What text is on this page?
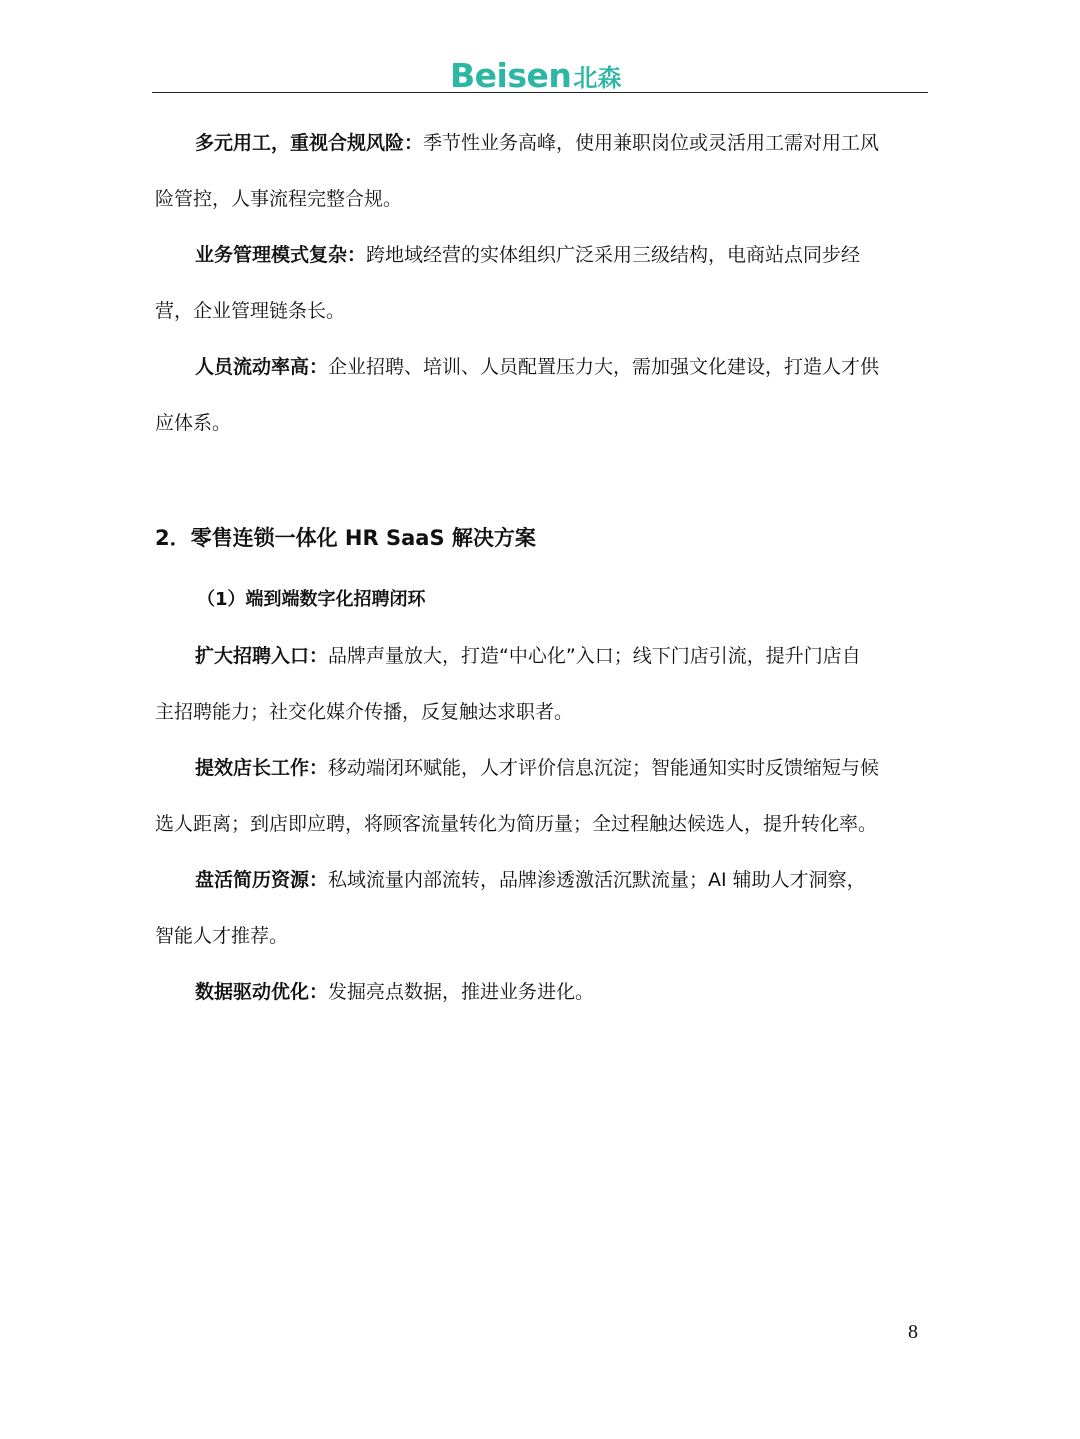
Beisen 北森

多元用工，重视合规风险：季节性业务高峰，使用兼职岗位或灵活用工需对用工风
险管控，人事流程完整合规。

业务管理模式复杂：跨地域经营的实体组织广泛采用三级结构，电商站点同步经
营，企业管理链条长。

人员流动率高：企业招聘、培训、人员配置压力大，需加强文化建设，打造人才供
应体系。

2．零售连锁一体化 HR SaaS 解决方案
（1）端到端数字化招聘闭环

扩大招聘入口：品牌声量放大，打造“中心化”入口；线下门店引流，提升门店自
主招聘能力；社交化媒介传播，反复触达求职者。

提效店长工作：移动端闭环赋能，人才评价信息沉淀；智能通知实时反馈缩短与候
选人距离；到店即应聘，将顾客流量转化为简历量；全过程触达候选人，提升转化率。

盘活简历资源：私域流量内部流转，品牌渗透激活沉默流量；AI 辅助人才洞察，
智能人才推荐。

数据驱动优化：发掘亮点数据，推进业务进化。

8
